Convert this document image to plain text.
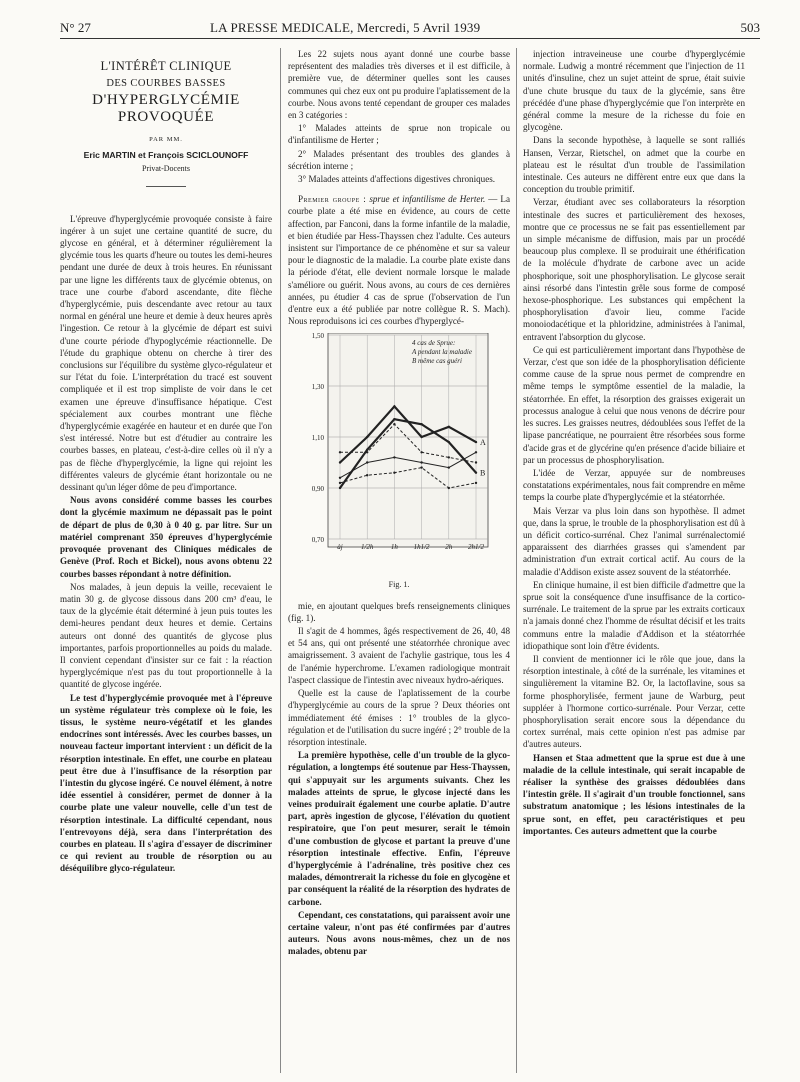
N° 27	LA PRESSE MEDICALE, Mercredi, 5 Avril 1939	503
L'INTÉRÊT CLINIQUE
DES COURBES BASSES
D'HYPERGLYCÉMIE
PROVOQUÉE
PAR MM.
Eric MARTIN et François SCICLOUNOFF
Privat-Docents

L'épreuve d'hyperglycémie provoquée consiste à faire ingérer à un sujet une certaine quantité de sucre, du glycose en général, et à déterminer régulièrement la glycémie tous les quarts d'heure ou toutes les demi-heures pendant une durée de deux à trois heures. En réunissant par une ligne les différents taux de glycémie obtenus, on trace une courbe d'abord ascendante, dite flèche d'hyperglycémie, puis descendante avec retour au taux normal en général une heure et demie à deux heures après l'ingestion. Ce retour à la glycémie de départ est suivi d'une courte période d'hypoglycémie réactionnelle. De l'étude du graphique obtenu on cherche à tirer des conclusions sur l'équilibre du système glyco-régulateur et sur l'état du foie. L'interprétation du tracé est souvent compliquée et il est trop simpliste de voir dans le cet examen une épreuve d'insuffisance hépatique. C'est spécialement aux courbes montrant une flèche d'hyperglycémie exagérée en hauteur et en durée que l'on s'est intéressé. Notre but est d'étudier au contraire les courbes basses, en plateau, c'est-à-dire celles où il n'y a pas de flèche d'hyperglycémie, la ligne qui rejoint les différentes valeurs de glycémie étant horizontale ou ne dessinant qu'un léger dôme de peu d'importance.

Nous avons considéré comme basses les courbes dont la glycémie maximum ne dépassait pas le point de départ de plus de 0,30 à 0 40 g. par litre. Sur un matériel comprenant 350 épreuves d'hyperglycémie provoquée provenant des Cliniques médicales de Genève (Prof. Roch et Bickel), nous avons obtenu 22 courbes basses répondant à notre définition.

Nos malades, à jeun depuis la veille, recevaient le matin 30 g. de glycose dissous dans 200 cm³ d'eau, le taux de la glycémie était déterminé à jeun puis toutes les demi-heures pendant deux heures et demie. Certains auteurs ont donné des quantités de glycose plus importantes, parfois proportionnelles au poids du malade. Il convient cependant d'insister sur ce fait : la réaction hyperglycémique n'est pas du tout proportionnelle à la quantité de glycose ingérée.

Le test d'hyperglycémie provoquée met à l'épreuve un système régulateur très complexe où le foie, les tissus, le système neuro-végétatif et les glandes endocrines sont intéressés. Avec les courbes basses, un nouveau facteur important intervient : un déficit de la résorption intestinale. En effet, une courbe en plateau peut être due à l'insuffisance de la résorption par l'intestin du glycose ingéré. Ce nouvel élément, à notre idée essentiel à considérer, permet de donner à la courbe plate une valeur nouvelle, celle d'un test de résorption intestinale. La difficulté cependant, nous l'entrevoyons déjà, sera dans l'interprétation des courbes en plateau. Il s'agira d'essayer de discriminer ce qui revient au trouble de résorption ou au déséquilibre glyco-régulateur.

Les 22 sujets nous ayant donné une courbe basse représentent des maladies très diverses et il est difficile, à première vue, de déterminer quelles sont les causes communes qui chez eux ont pu produire l'aplatissement de la courbe. Nous avons tenté cependant de grouper ces malades en 3 catégories :

1° Malades atteints de sprue non tropicale ou d'infantilisme de Herter ;

2° Malades présentant des troubles des glandes à sécrétion interne ;

3° Malades atteints d'affections digestives chroniques.

Premier groupe : sprue et infantilisme de Herter. — La courbe plate a été mise en évidence, au cours de cette affection, par Fanconi, dans la forme infantile de la maladie, et bien étudiée par Hess-Thayssen chez l'adulte. Ces auteurs insistent sur l'importance de ce phénomène et sur sa valeur pour le diagnostic de la maladie. La courbe plate existe dans la période d'état, elle devient normale lorsque le malade s'améliore ou guérit. Nous avons, au cours de ces dernières années, pu étudier 4 cas de sprue (l'observation de l'un d'entre eux a été publiée par notre collègue R. S. Mach). Nous reproduisons ici ces courbes d'hyperglycé-

0,70
0,90
1,10
1,30
1,50
àj	1/2h 1h 1h1/2 2h 2h1/2
A
B
4 cas de Sprue:
A pendant la maladie
B même cas guéri
Fig. 1.

mie, en ajoutant quelques brefs renseignements cliniques (fig. 1).

Il s'agit de 4 hommes, âgés respectivement de 26, 40, 48 et 54 ans, qui ont présenté une stéatorrhée chronique avec amaigrissement. 3 avaient de l'achylie gastrique, tous les 4 de l'anémie hyperchrome. L'examen radiologique montrait l'aspect classique de l'intestin avec niveaux hydro-aériques.

Quelle est la cause de l'aplatissement de la courbe d'hyperglycémie au cours de la sprue ? Deux théories ont immédiatement été émises : 1° troubles de la glyco-régulation et de l'utilisation du sucre ingéré ; 2° trouble de la résorption intestinale.

La première hypothèse, celle d'un trouble de la glyco-régulation, a longtemps été soutenue par Hess-Thayssen, qui s'appuyait sur les arguments suivants. Chez les malades atteints de sprue, le glycose injecté dans les veines produirait également une courbe aplatie. D'autre part, après ingestion de glycose, l'élévation du quotient respiratoire, que l'on peut mesurer, serait le témoin d'une combustion de glycose et partant la preuve d'une résorption intestinale effective. Enfin, l'épreuve d'hyperglycémie à l'adrénaline, très positive chez ces malades, démontrerait la richesse du foie en glycogène et par conséquent la réalité de la résorption des hydrates de carbone.

Cependant, ces constatations, qui paraissent avoir une certaine valeur, n'ont pas été confirmées par d'autres auteurs. Nous avons nous-mêmes, chez un de nos malades, obtenu par

injection intraveineuse une courbe d'hyperglycémie normale. Ludwig a montré récemment que l'injection de 11 unités d'insuline, chez un sujet atteint de sprue, était suivie d'une chute brusque du taux de la glycémie, sans être précédée d'une phase d'hyperglycémie que l'on interprète en général comme la mesure de la richesse du foie en glycogène.

Dans la seconde hypothèse, à laquelle se sont ralliés Hansen, Verzar, Rietschel, on admet que la courbe en plateau est le résultat d'un trouble de l'assimilation intestinale. Ces auteurs ne diffèrent entre eux que dans la conception du trouble primitif.

Verzar, étudiant avec ses collaborateurs la résorption intestinale des sucres et particulièrement des hexoses, montre que ce processus ne se fait pas essentiellement par un simple mécanisme de diffusion, mais par un procédé beaucoup plus complexe. Il se produirait une éthérification de la molécule d'hydrate de carbone avec un acide phosphorique, soit une phosphorylisation. Le glycose serait ainsi résorbé dans l'intestin grêle sous forme de composé hexose-phosphorique. Les substances qui empêchent la phosphorylisation d'avoir lieu, comme l'acide monoiodacétique et la phloridzine, administrées à l'animal, entravent l'absorption du glycose.

Ce qui est particulièrement important dans l'hypothèse de Verzar, c'est que son idée de la phosphorylisation déficiente comme cause de la sprue nous permet de comprendre en même temps le symptôme essentiel de la maladie, la stéatorrhée. En effet, la résorption des graisses exigerait un processus analogue à celui que nous venons de décrire pour les sucres. Les graisses neutres, dédoublées sous l'effet de la lipase pancréatique, ne pourraient être résorbées sous forme d'acide gras et de glycérine qu'en présence d'acide biliaire et par un processus de phosphorylisation.

L'idée de Verzar, appuyée sur de nombreuses constatations expérimentales, nous fait comprendre en même temps la courbe plate d'hyperglycémie et la stéatorrhée.

Mais Verzar va plus loin dans son hypothèse. Il admet que, dans la sprue, le trouble de la phosphorylisation est dû à un déficit cortico-surrénal. Chez l'animal surrénalectomié apparaissent des diarrhées grasses qui s'amendent par administration d'un extrait cortical actif. Au cours de la maladie d'Addison existe assez souvent de la stéatorrhée.

En clinique humaine, il est bien difficile d'admettre que la sprue soit la conséquence d'une insuffisance de la cortico-surrénale. Le traitement de la sprue par les extraits corticaux n'a jamais donné chez l'homme de résultat décisif et les traits communs entre la maladie d'Addison et la stéatorrhée idiopathique sont loin d'être évidents.

Il convient de mentionner ici le rôle que joue, dans la résorption intestinale, à côté de la surrénale, les vitamines et singulièrement la vitamine B2. Or, la lactoflavine, sous sa forme phosphorylisée, ferment jaune de Warburg, peut suppléer à l'hormone cortico-surrénale. Pour Verzar, cette phosphorylisation serait encore sous la dépendance du cortex surrénal, mais cette opinion n'est pas admise par d'autres auteurs.

Hansen et Staa admettent que la sprue est due à une maladie de la cellule intestinale, qui serait incapable de réaliser la synthèse des graisses dédoublées dans l'intestin grêle. Il s'agirait d'un trouble fonctionnel, sans substratum anatomique ; les lésions intestinales de la sprue sont, en effet, peu caractéristiques et peu importantes. Ces auteurs admettent que la courbe
